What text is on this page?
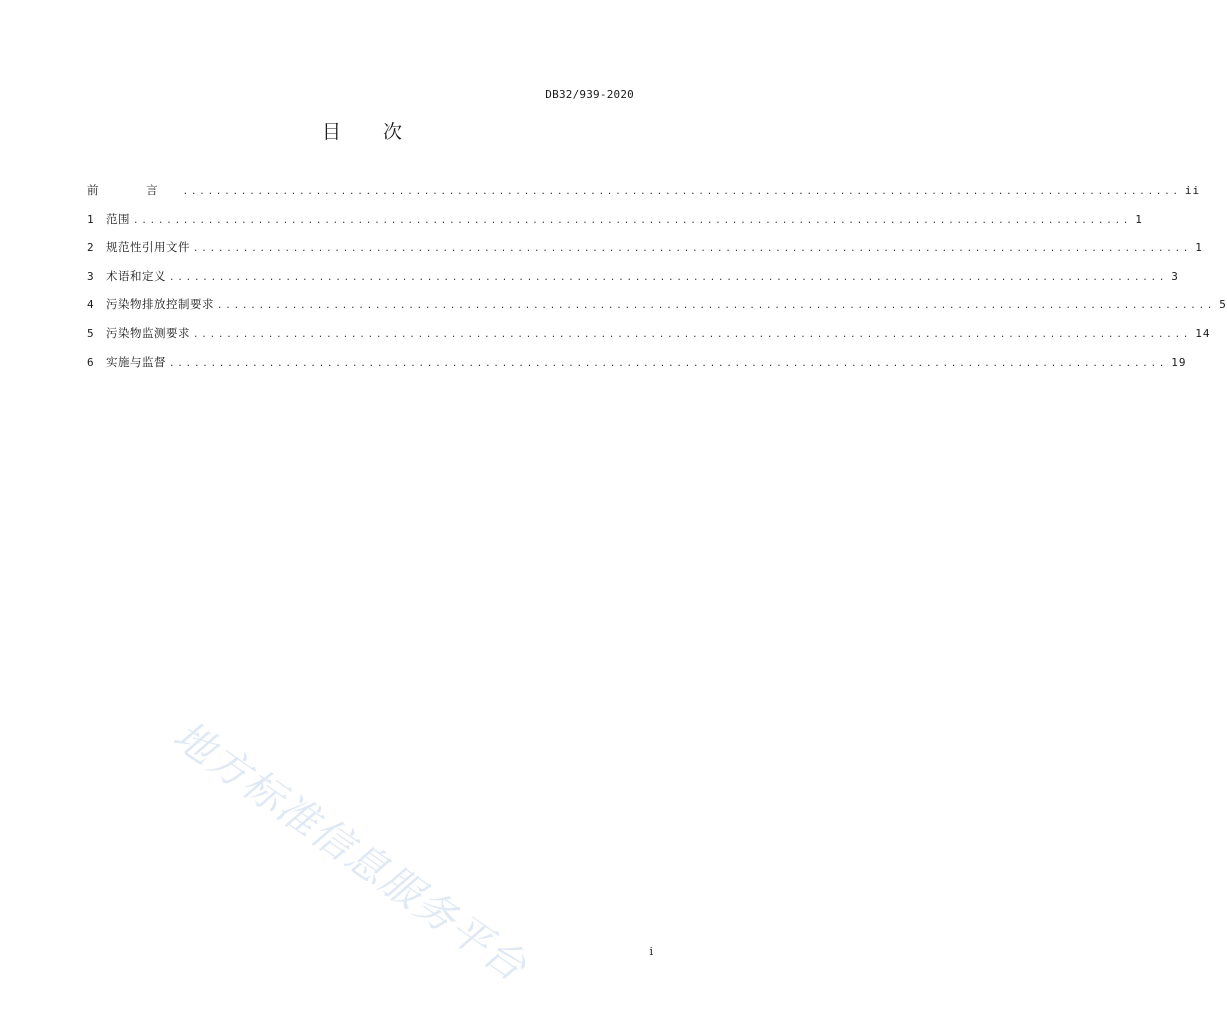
DB32/939-2020
目 次
前 言 ........................................................................................................................ ii
1	范围 ........................................................................................................................ 1
2	规范性引用文件 ........................................................................................................................ 1
3	术语和定义 ........................................................................................................................ 3
4	污染物排放控制要求 ........................................................................................................................ 5
5	污染物监测要求 ........................................................................................................................ 14
6	实施与监督 ........................................................................................................................ 19
地方标准信息服务平台	i
